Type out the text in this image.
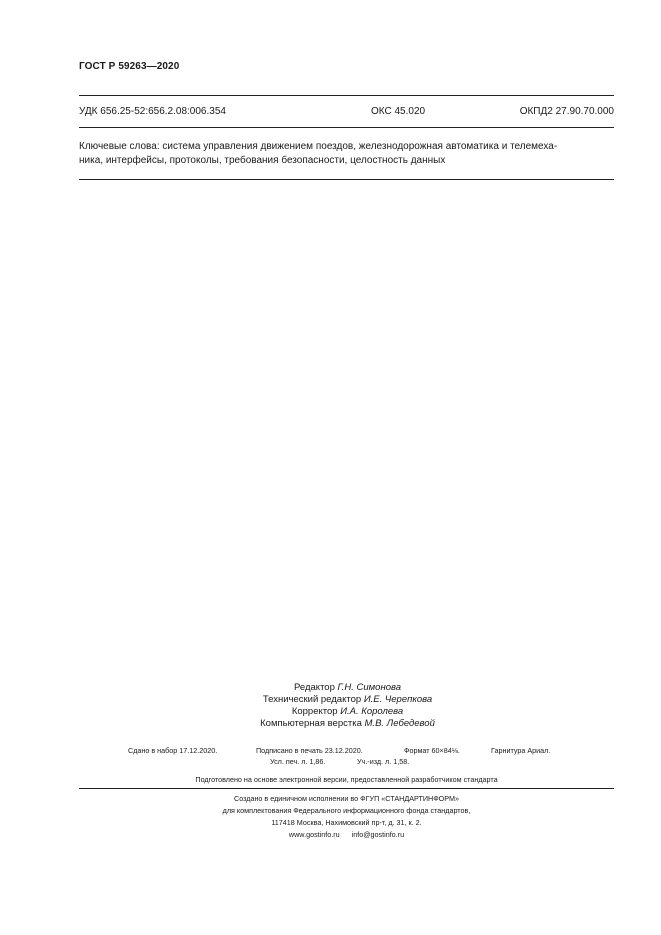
ГОСТ Р 59263—2020
УДК 656.25-52:656.2.08:006.354	ОКС 45.020	ОКПД2 27.90.70.000
Ключевые слова: система управления движением поездов, железнодорожная автоматика и телемеха-
ника, интерфейсы, протоколы, требования безопасности, целостность данных
Редактор Г.Н. Симонова
Технический редактор И.Е. Черепкова
Корректор И.А. Королева
Компьютерная верстка М.В. Лебедевой
Сдано в набор 17.12.2020.	Подписано в печать 23.12.2020.	Формат 60×84⅛.	Гарнитура Ариал.
Усл. печ. л. 1,86.	Уч.-изд. л. 1,58.
Подготовлено на основе электронной версии, предоставленной разработчиком стандарта
Создано в единичном исполнении во ФГУП «СТАНДАРТИНФОРМ»
для комплектования Федерального информационного фонда стандартов,
117418 Москва, Нахимовский пр-т, д. 31, к. 2.
www.gostinfo.ru info@gostinfo.ru
